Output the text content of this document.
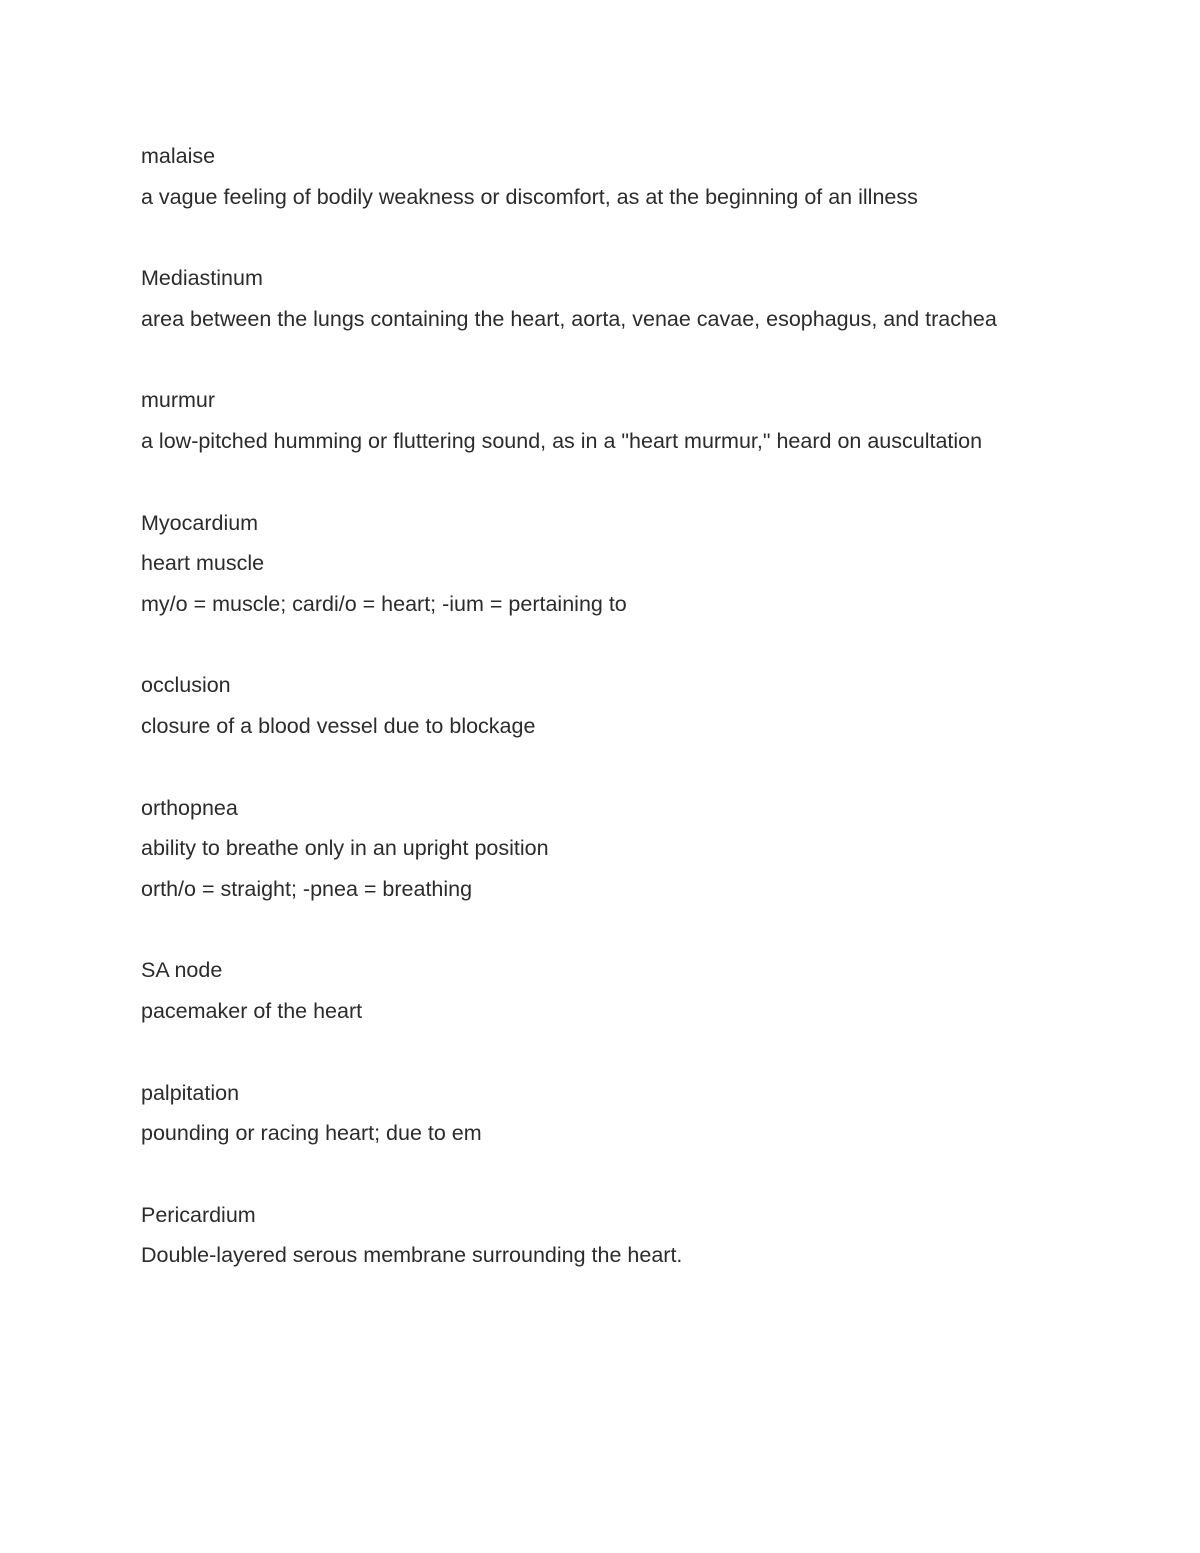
malaise

a vague feeling of bodily weakness or discomfort, as at the beginning of an illness

Mediastinum

area between the lungs containing the heart, aorta, venae cavae, esophagus, and trachea

murmur

a low-pitched humming or fluttering sound, as in a "heart murmur," heard on auscultation

Myocardium

heart muscle

my/o = muscle; cardi/o = heart; -ium = pertaining to

occlusion

closure of a blood vessel due to blockage

orthopnea

ability to breathe only in an upright position

orth/o = straight; -pnea = breathing

SA node

pacemaker of the heart

palpitation

pounding or racing heart; due to em

Pericardium

Double-layered serous membrane surrounding the heart.
